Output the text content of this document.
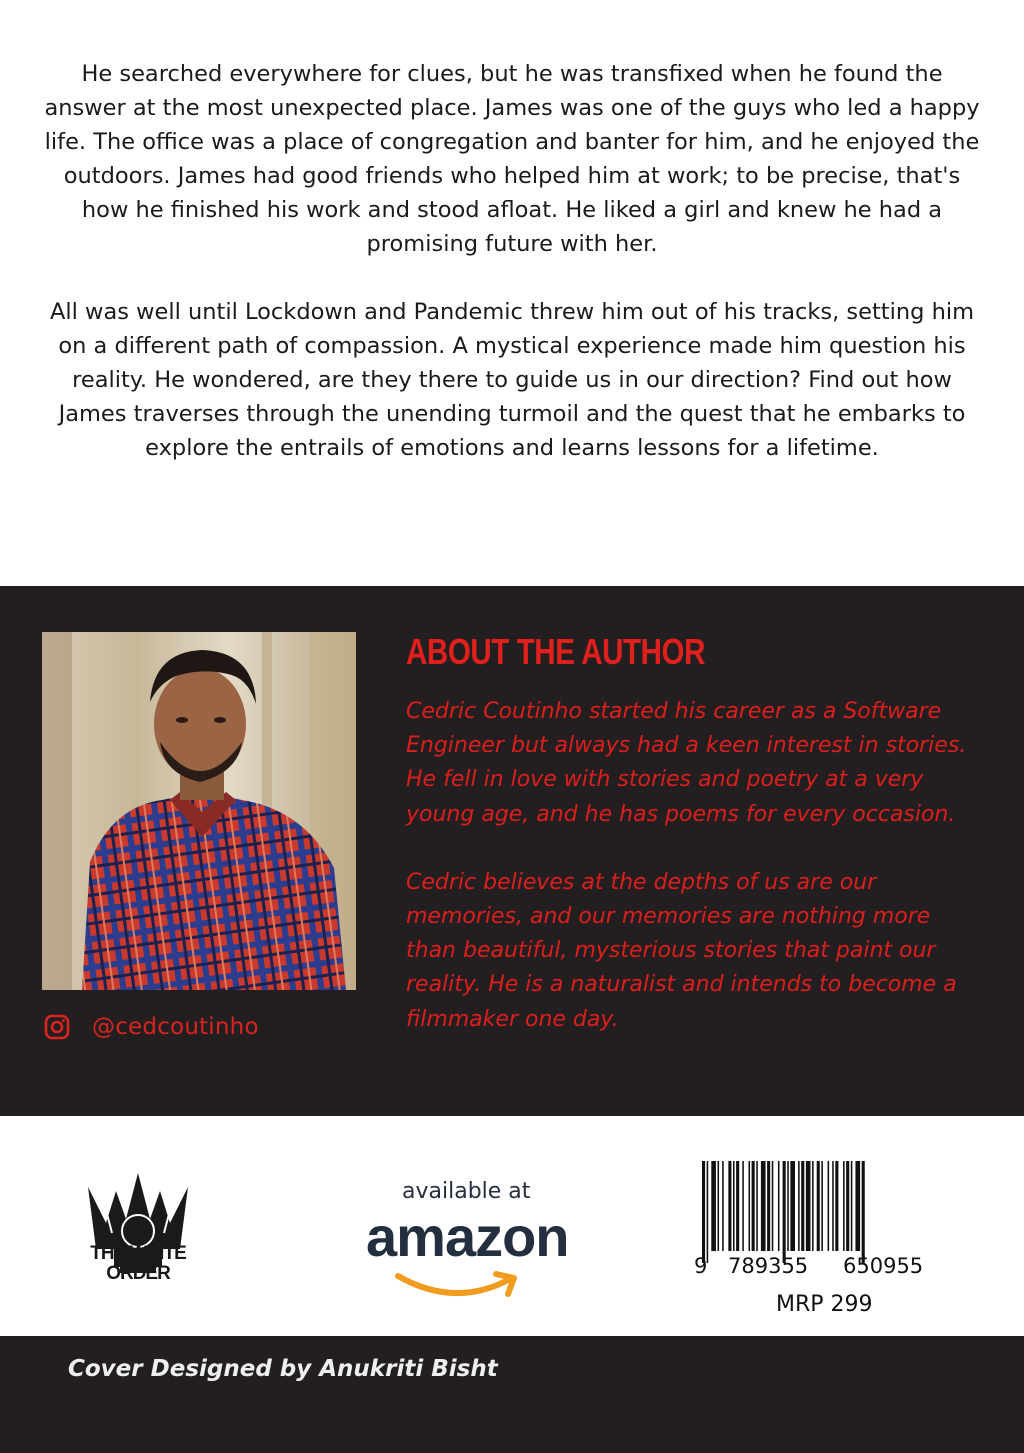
He searched everywhere for clues, but he was transfixed when he found the answer at the most unexpected place. James was one of the guys who led a happy life. The office was a place of congregation and banter for him, and he enjoyed the outdoors. James had good friends who helped him at work; to be precise, that's how he finished his work and stood afloat. He liked a girl and knew he had a promising future with her.

All was well until Lockdown and Pandemic threw him out of his tracks, setting him on a different path of compassion. A mystical experience made him question his reality. He wondered, are they there to guide us in our direction? Find out how James traverses through the unending turmoil and the quest that he embarks to explore the entrails of emotions and learns lessons for a lifetime.

@cedcoutinho
ABOUT THE AUTHOR

Cedric Coutinho started his career as a Software Engineer but always had a keen interest in stories. He fell in love with stories and poetry at a very young age, and he has poems for every occasion.

Cedric believes at the depths of us are our memories, and our memories are nothing more than beautiful, mysterious stories that paint our reality. He is a naturalist and intends to become a filmmaker one day.

THE WRITE
ORDER
available at
amazon	9 789355 650955
MRP 299
Cover Designed by Anukriti Bisht
